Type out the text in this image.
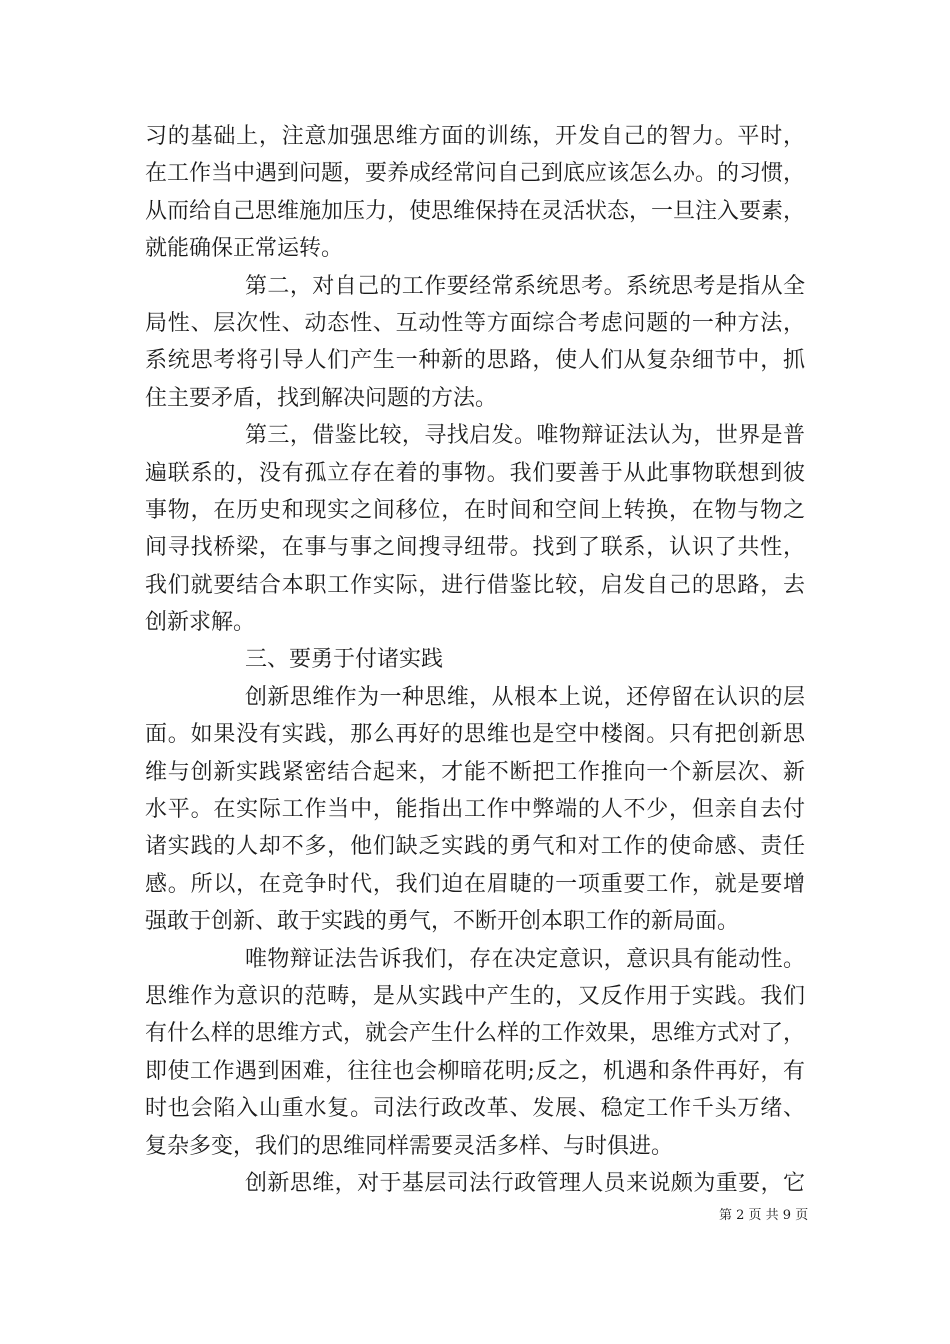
习的基础上，注意加强思维方面的训练，开发自己的智力。平时，
在工作当中遇到问题，要养成经常问自己到底应该怎么办。的习惯，
从而给自己思维施加压力，使思维保持在灵活状态，一旦注入要素，
就能确保正常运转。
第二，对自己的工作要经常系统思考。系统思考是指从全
局性、层次性、动态性、互动性等方面综合考虑问题的一种方法，
系统思考将引导人们产生一种新的思路，使人们从复杂细节中，抓
住主要矛盾，找到解决问题的方法。
第三，借鉴比较，寻找启发。唯物辩证法认为，世界是普
遍联系的，没有孤立存在着的事物。我们要善于从此事物联想到彼
事物，在历史和现实之间移位，在时间和空间上转换，在物与物之
间寻找桥梁，在事与事之间搜寻纽带。找到了联系，认识了共性，
我们就要结合本职工作实际，进行借鉴比较，启发自己的思路，去
创新求解。
三、要勇于付诸实践
创新思维作为一种思维，从根本上说，还停留在认识的层
面。如果没有实践，那么再好的思维也是空中楼阁。只有把创新思
维与创新实践紧密结合起来，才能不断把工作推向一个新层次、新
水平。在实际工作当中，能指出工作中弊端的人不少，但亲自去付
诸实践的人却不多，他们缺乏实践的勇气和对工作的使命感、责任
感。所以，在竞争时代，我们迫在眉睫的一项重要工作，就是要增
强敢于创新、敢于实践的勇气，不断开创本职工作的新局面。
唯物辩证法告诉我们，存在决定意识，意识具有能动性。
思维作为意识的范畴，是从实践中产生的，又反作用于实践。我们
有什么样的思维方式，就会产生什么样的工作效果，思维方式对了，
即使工作遇到困难，往往也会柳暗花明;反之，机遇和条件再好，有
时也会陷入山重水复。司法行政改革、发展、稳定工作千头万绪、
复杂多变，我们的思维同样需要灵活多样、与时俱进。
创新思维，对于基层司法行政管理人员来说颇为重要，它
第 2 页 共 9 页
